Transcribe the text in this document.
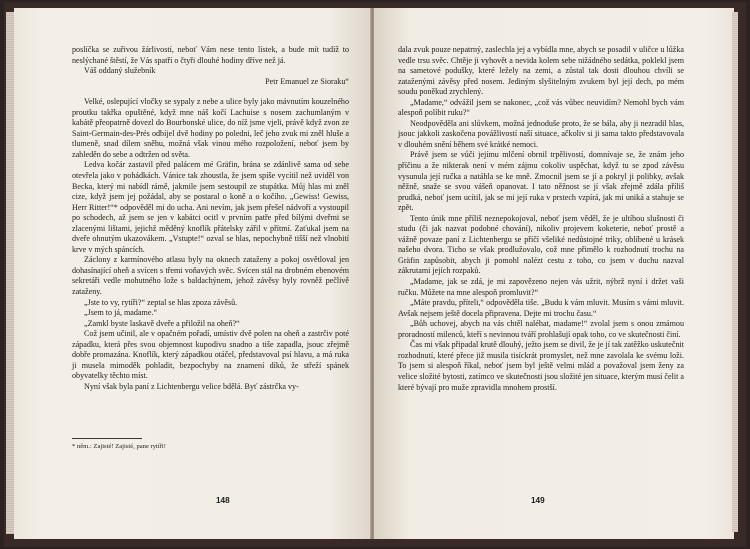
poslíčka se zuřivou žárlivostí, neboť Vám nese tento lístek, a bude mít tudíž to neslýchané štěstí, že Vás spatří o čtyři dlouhé hodiny dříve než já.

Váš oddaný služebník

Petr Emanuel ze Sioraku“

Velké, oslepující vločky se sypaly z nebe a ulice byly jako mávnutím kouzelného proutku takřka opuštěné, když mne náš kočí Lachuise s nosem zachumlaným v kabátě přeopatrně dovezl do Bourbonské ulice, do níž jsme vjeli, právě když zvon ze Saint-Germain-des-Prés odbíjel dvě hodiny po poledni, leč jeho zvuk mi zněl hluše a tlumeně, snad dílem sněhu, možná však vinou mého rozpoložení, neboť jsem by zahleděn do sebe a odtržen od světa.

Ledva kočár zastavil před palácem mé Gräfin, brána se zdánlivě sama od sebe otevřela jako v pohádkách. Vánice tak zhoustla, že jsem spíše vycítil než uviděl von Becka, který mi nabídl rámě, jakmile jsem sestoupil ze stupátka. Můj hlas mi zněl cize, když jsem jej požádal, aby se postaral o koně a o kočího. „Gewiss! Gewiss, Herr Ritter!“* odpověděl mi do ucha. Ani nevím, jak jsem přešel nádvoří a vystoupil po schodech, až jsem se jen v kabátci ocitl v prvním patře před bílými dveřmi se zlacenými lištami, jejichž měděný knoflík přátelsky zářil v přítmí. Zaťukal jsem na dveře ohnutým ukazovákem. „Vstupte!“ ozval se hlas, nepochybně tišší než vlnobití krve v mých spáncích.

Záclony z karmínového atlasu byly na oknech zataženy a pokoj osvětloval jen dohasínající oheň a svícen s třemi voňavých svěc. Svícen stál na drobném ebenovém sekretáři vedle mohutného lože s baldachýnem, jehož závěsy byly rovněž pečlivě zataženy.

„Jste to vy, rytíři?“ zeptal se hlas zpoza závěsů.

„Jsem to já, madame.“

„Zamkl byste laskavě dveře a přiložil na oheň?“

Což jsem učinil, ale v opačném pořadí, umístiv dvě polen na oheň a zastrčiv poté západku, která přes svou objemnost kupodivu snadno a tiše zapadla, jsouc zřejmě dobře promazána. Knoflík, který západkou otáčel, představoval psí hlavu, a má ruka ji musela mimoděk pohladit, bezpochyby na znamení díků, že střeží spánek obyvatelky těchto míst.

Nyní však byla paní z Lichtenbergu velice bdělá. Byť zástrčka vy-

* něm.: Zajisté! Zajisté, pane rytíři!
148

dala zvuk pouze nepatrný, zaslechla jej a vybídla mne, abych se posadil v uličce u lůžka vedle trsu svěc. Chtěje ji vyhovět a nevida kolem sebe nižádného sedátka, poklekl jsem na sametové podušky, které ležely na zemi, a zůstal tak dosti dlouhou chvíli se zataženými závěsy před nosem. Jediným slyšitelným zvukem byl její dech, po mém soudu poněkud zrychlený.

„Madame,“ odvážil jsem se nakonec, „což vás vůbec neuvidím? Nemohl bych vám alespoň políbit ruku?“

Neodpověděla ani slůvkem, možná jednoduše proto, že se bála, aby ji nezradil hlas, jsouc jakkoli zaskočena povážlivostí naší situace, ačkoliv si ji sama takto představovala v dlouhém snění během své krátké nemoci.

Právě jsem se vůči jejímu mlčení obrnil trpělivostí, domnívaje se, že znám jeho příčinu a že nikterak není v mém zájmu cokoliv uspěchat, když tu se zpod závěsu vysunula její ručka a natáhla se ke mně. Zmocnil jsem se jí a pokryl ji polibky, avšak něžně, snaže se svou vášeň opanovat. I tato něžnost se jí však zřejmě zdála příliš prudká, neboť jsem ucítil, jak se mi její ruka v prstech vzpírá, jak mi uniká a stahuje se zpět.

Tento únik mne příliš neznepokojoval, neboť jsem věděl, že je ultíbou slušnosti či studu (či jak nazvat podobné chování), nikoliv projevem koketerie, neboť prostě a vážně povaze paní z Lichtenbergu se příčí všeliké nedůstojné triky, oblíbené u krásek našeho dvora. Ticho se však prodlužovalo, což mne přimělo k rozhodnutí trochu na Gräfin zapůsobit, abych ji pomohl nalézt cestu z toho, co jsem v duchu nazval zákrutami jejích rozpaků.

„Madame, jak se zdá, je mi zapovězeno nejen vás užrit, nýbrž nyní i držet vaši ručku. Můžete na mne alespoň promluvit?“

„Máte pravdu, příteli,“ odpověděla tiše. „Budu k vám mluvit. Musím s vámi mluvit. Avšak nejsem ještě docela připravena. Dejte mi trochu času.“

„Bůh uchovej, abych na vás chtěl naléhat, madame!“ zvolal jsem s onou zmámou proradností milenců, kteří s nevinnou tváří prohlašují opak toho, co ve skutečnosti činí.

Čas mi však připadal krutě dlouhý, ježto jsem se divil, že je jí tak zatěžko uskutečnit rozhodnutí, které přece již musila tisíckrát promyslet, než mne zavolala ke svému loži. To jsem si alespoň říkal, neboť jsem byl ještě velmi mlád a považoval jsem ženy za velice složité bytosti, zatímco ve skutečnosti jsou složité jen situace, kterým musí čelit a které bývají pro muže zpravidla mnohem prostší.

149
